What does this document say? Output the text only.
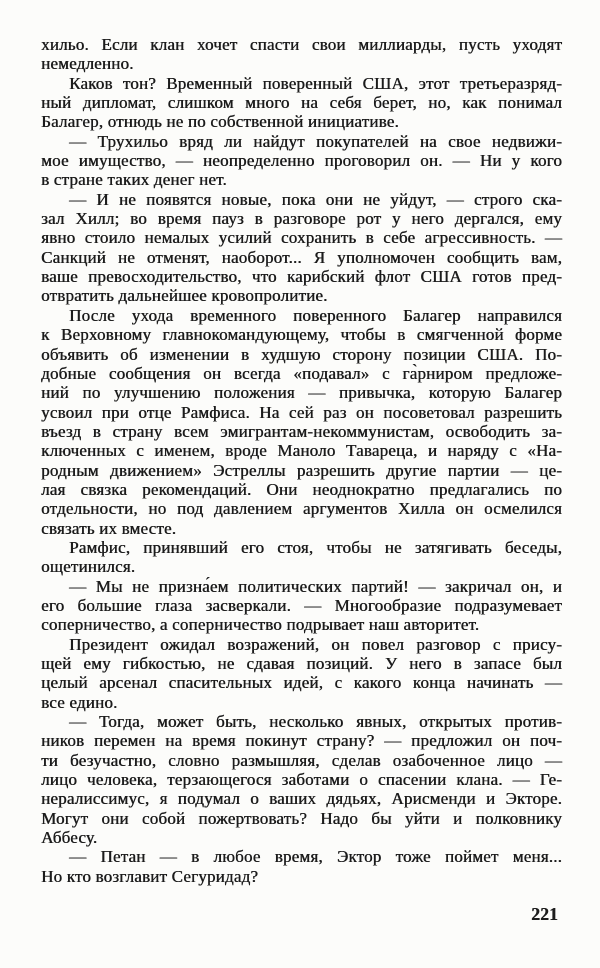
хильо. Если клан хочет спасти свои миллиарды, пусть уходят
немедленно.
Каков тон? Временный поверенный США, этот третьеразряд-
ный дипломат, слишком много на себя берет, но, как понимал
Балагер, отнюдь не по собственной инициативе.
— Трухильо вряд ли найдут покупателей на свое недвижи-
мое имущество, — неопределенно проговорил он. — Ни у кого
в стране таких денег нет.
— И не появятся новые, пока они не уйдут, — строго ска-
зал Хилл; во время пауз в разговоре рот у него дергался, ему
явно стоило немалых усилий сохранить в себе агрессивность. —
Санкций не отменят, наоборот... Я уполномочен сообщить вам,
ваше превосходительство, что карибский флот США готов пред-
отвратить дальнейшее кровопролитие.
После ухода временного поверенного Балагер направился
к Верховному главнокомандующему, чтобы в смягченной форме
объявить об изменении в худшую сторону позиции США. По-
добные сообщения он всегда «подавал» с га̀рниром предложе-
ний по улучшению положения — привычка, которую Балагер
усвоил при отце Рамфиса. На сей раз он посоветовал разрешить
въезд в страну всем эмигрантам-некоммунистам, освободить за-
ключенных с именем, вроде Маноло Тавареца, и наряду с «На-
родным движением» Эстреллы разрешить другие партии — це-
лая связка рекомендаций. Они неоднократно предлагались по
отдельности, но под давлением аргументов Хилла он осмелился
связать их вместе.
Рамфис, принявший его стоя, чтобы не затягивать беседы,
ощетинился.
— Мы не призна́ем политических партий! — закричал он, и
его большие глаза засверкали. — Многообразие подразумевает
соперничество, а соперничество подрывает наш авторитет.
Президент ожидал возражений, он повел разговор с прису-
щей ему гибкостью, не сдавая позиций. У него в запасе был
целый арсенал спасительных идей, с какого конца начинать —
все едино.
— Тогда, может быть, несколько явных, открытых против-
ников перемен на время покинут страну? — предложил он поч-
ти безучастно, словно размышляя, сделав озабоченное лицо —
лицо человека, терзающегося заботами о спасении клана. — Ге-
нералиссимус, я подумал о ваших дядьях, Арисменди и Экторе.
Могут они собой пожертвовать? Надо бы уйти и полковнику
Аббесу.
— Петан — в любое время, Эктор тоже поймет меня...
Но кто возглавит Сегуридад?
221
